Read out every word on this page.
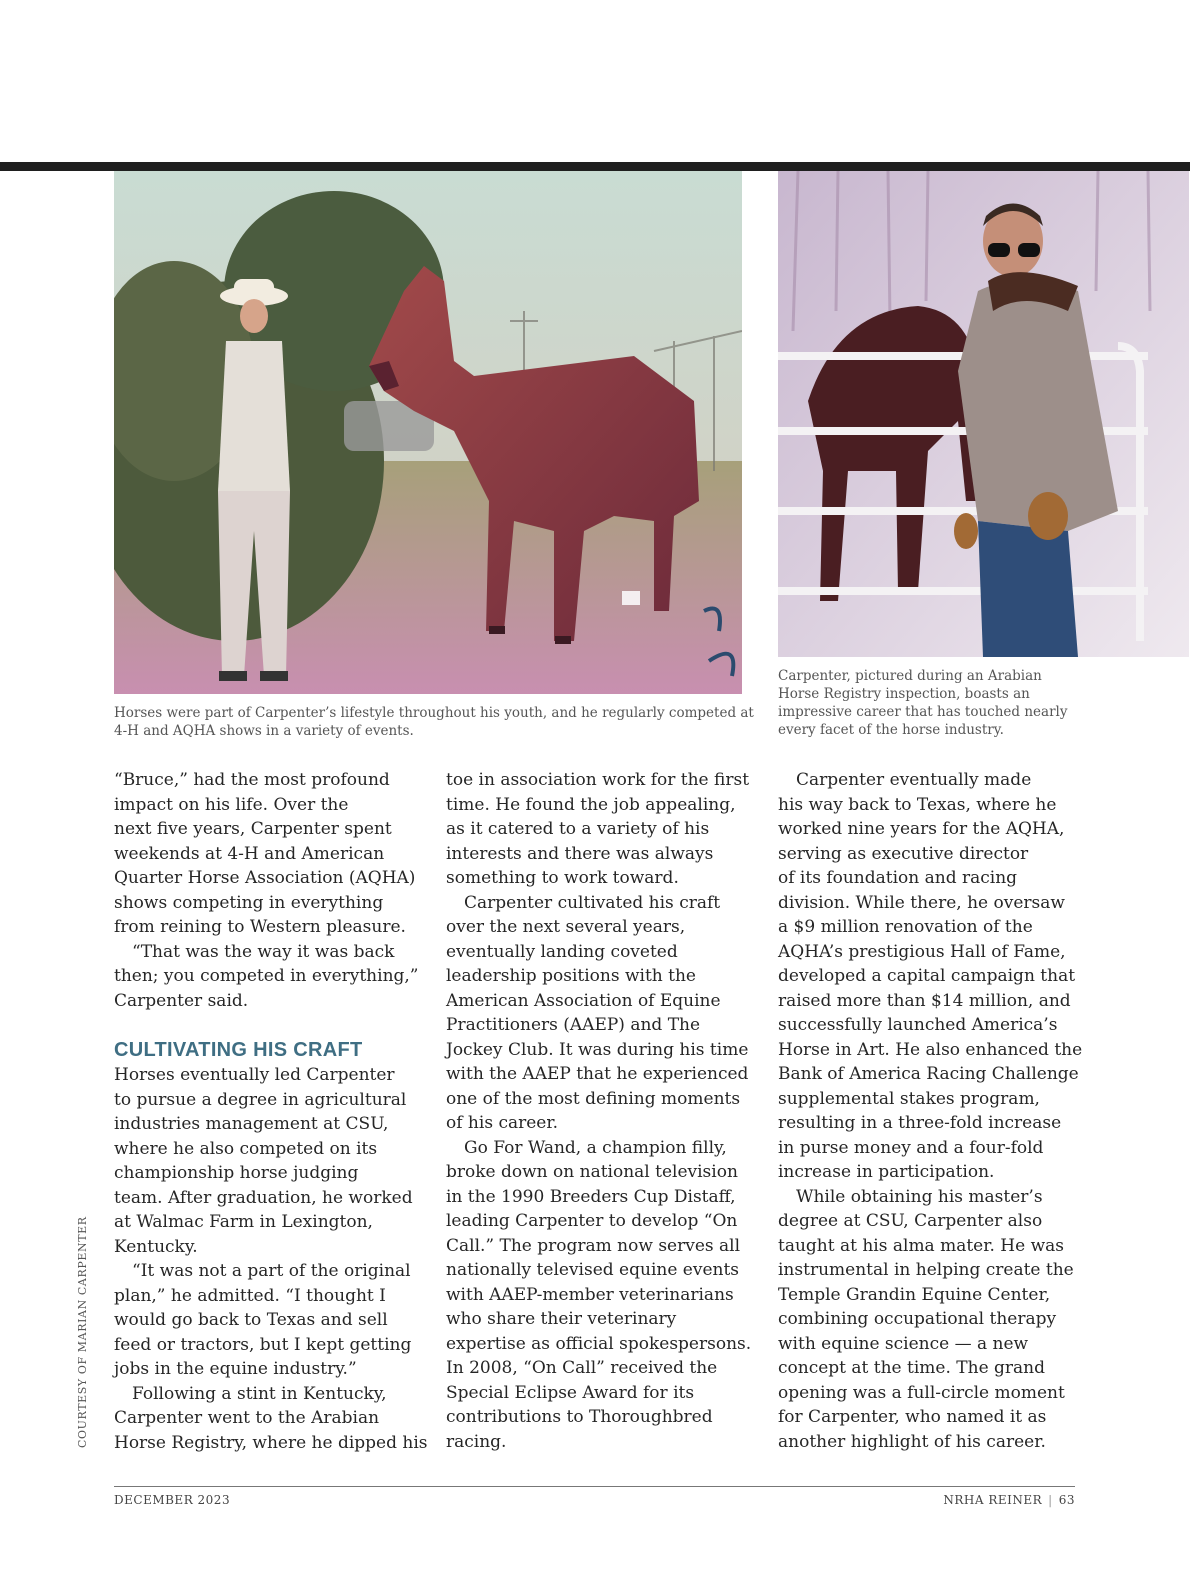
Horses were part of Carpenter’s lifestyle throughout his youth, and he regularly competed at 4-H and AQHA shows in a variety of events.
Carpenter, pictured during an Arabian Horse Registry inspection, boasts an impressive career that has touched nearly every facet of the horse industry.

“Bruce,” had the most profound
impact on his life. Over the
next five years, Carpenter spent
weekends at 4-H and American
Quarter Horse Association (AQHA)
shows competing in everything
from reining to Western pleasure.

“That was the way it was back
then; you competed in everything,”
Carpenter said.

CULTIVATING HIS CRAFT

Horses eventually led Carpenter
to pursue a degree in agricultural
industries management at CSU,
where he also competed on its
championship horse judging
team. After graduation, he worked
at Walmac Farm in Lexington,
Kentucky.

“It was not a part of the original
plan,” he admitted. “I thought I
would go back to Texas and sell
feed or tractors, but I kept getting
jobs in the equine industry.”

Following a stint in Kentucky,
Carpenter went to the Arabian
Horse Registry, where he dipped his

toe in association work for the first
time. He found the job appealing,
as it catered to a variety of his
interests and there was always
something to work toward.

Carpenter cultivated his craft
over the next several years,
eventually landing coveted
leadership positions with the
American Association of Equine
Practitioners (AAEP) and The
Jockey Club. It was during his time
with the AAEP that he experienced
one of the most defining moments
of his career.

Go For Wand, a champion filly,
broke down on national television
in the 1990 Breeders Cup Distaff,
leading Carpenter to develop “On
Call.” The program now serves all
nationally televised equine events
with AAEP-member veterinarians
who share their veterinary
expertise as official spokespersons.
In 2008, “On Call” received the
Special Eclipse Award for its
contributions to Thoroughbred
racing.

Carpenter eventually made
his way back to Texas, where he
worked nine years for the AQHA,
serving as executive director
of its foundation and racing
division. While there, he oversaw
a $9 million renovation of the
AQHA’s prestigious Hall of Fame,
developed a capital campaign that
raised more than $14 million, and
successfully launched America’s
Horse in Art. He also enhanced the
Bank of America Racing Challenge
supplemental stakes program,
resulting in a three-fold increase
in purse money and a four-fold
increase in participation.

While obtaining his master’s
degree at CSU, Carpenter also
taught at his alma mater. He was
instrumental in helping create the
Temple Grandin Equine Center,
combining occupational therapy
with equine science — a new
concept at the time. The grand
opening was a full-circle moment
for Carpenter, who named it as
another highlight of his career.

COURTESY OF MARIAN CARPENTER
DECEMBER 2023	NRHA REINER | 63
